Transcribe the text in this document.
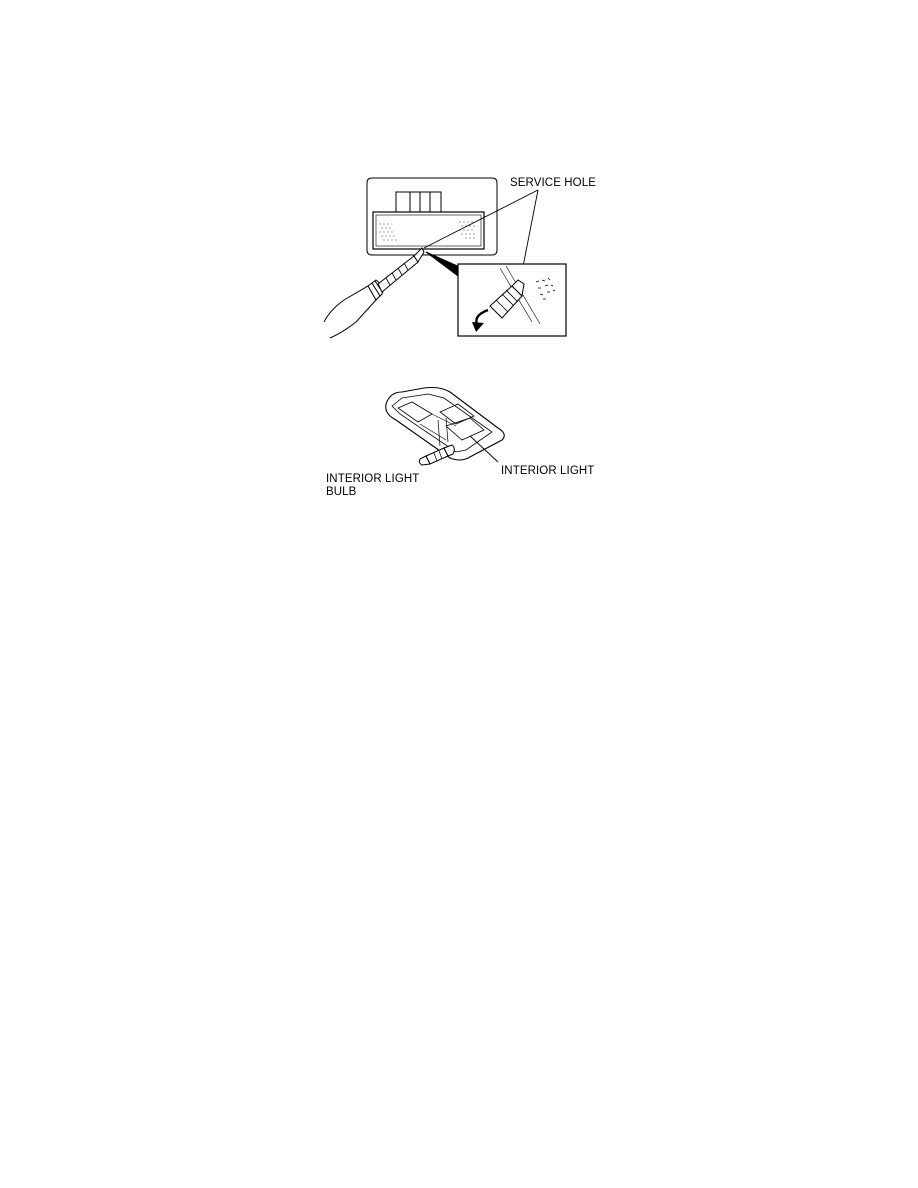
SERVICE HOLE
INTERIOR LIGHT
INTERIOR LIGHT
BULB
